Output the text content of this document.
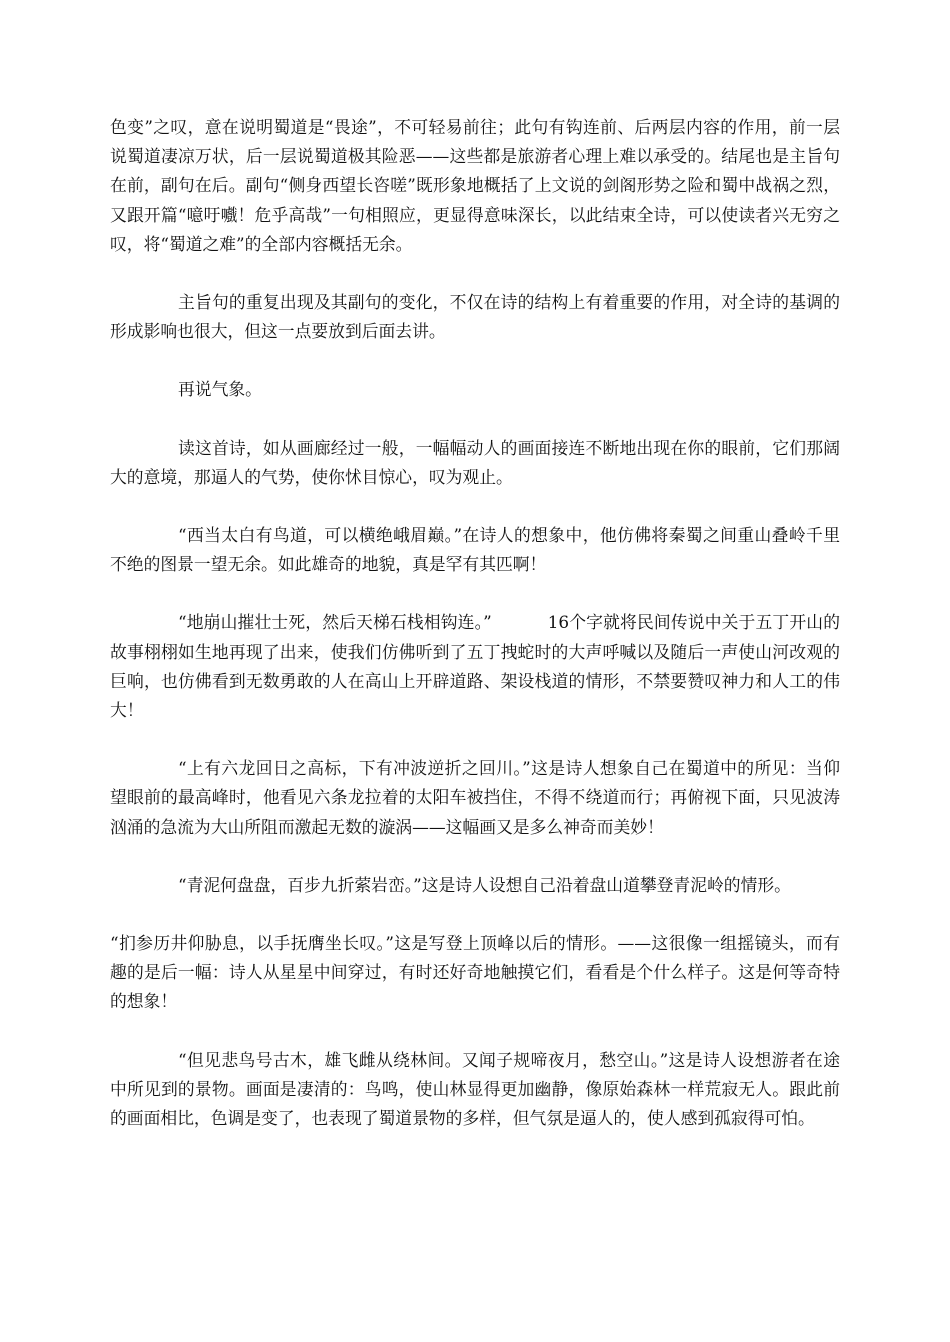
色变”之叹，意在说明蜀道是“畏途”，不可轻易前往；此句有钩连前、后两层内容的作用，前一层说蜀道凄凉万状，后一层说蜀道极其险恶——这些都是旅游者心理上难以承受的。结尾也是主旨句在前，副句在后。副句“侧身西望长咨嗟”既形象地概括了上文说的剑阁形势之险和蜀中战祸之烈，又跟开篇“噫吁嚱！危乎高哉”一句相照应，更显得意味深长，以此结束全诗，可以使读者兴无穷之叹，将“蜀道之难”的全部内容概括无余。

主旨句的重复出现及其副句的变化，不仅在诗的结构上有着重要的作用，对全诗的基调的形成影响也很大，但这一点要放到后面去讲。

再说气象。

读这首诗，如从画廊经过一般，一幅幅动人的画面接连不断地出现在你的眼前，它们那阔大的意境，那逼人的气势，使你怵目惊心，叹为观止。

“西当太白有鸟道，可以横绝峨眉巅。”在诗人的想象中，他仿佛将秦蜀之间重山叠岭千里不绝的图景一望无余。如此雄奇的地貌，真是罕有其匹啊！

“地崩山摧壮士死，然后天梯石栈相钩连。”	16个字就将民间传说中关于五丁开山的故事栩栩如生地再现了出来，使我们仿佛听到了五丁拽蛇时的大声呼喊以及随后一声使山河改观的巨响，也仿佛看到无数勇敢的人在高山上开辟道路、架设栈道的情形，不禁要赞叹神力和人工的伟大！

“上有六龙回日之高标，下有冲波逆折之回川。”这是诗人想象自己在蜀道中的所见：当仰望眼前的最高峰时，他看见六条龙拉着的太阳车被挡住，不得不绕道而行；再俯视下面，只见波涛汹涌的急流为大山所阻而激起无数的漩涡——这幅画又是多么神奇而美妙！

“青泥何盘盘，百步九折萦岩峦。”这是诗人设想自己沿着盘山道攀登青泥岭的情形。

“扪参历井仰胁息，以手抚膺坐长叹。”这是写登上顶峰以后的情形。——这很像一组摇镜头，而有趣的是后一幅：诗人从星星中间穿过，有时还好奇地触摸它们，看看是个什么样子。这是何等奇特的想象！

“但见悲鸟号古木，雄飞雌从绕林间。又闻子规啼夜月，愁空山。”这是诗人设想游者在途中所见到的景物。画面是凄清的：鸟鸣，使山林显得更加幽静，像原始森林一样荒寂无人。跟此前的画面相比，色调是变了，也表现了蜀道景物的多样，但气氛是逼人的，使人感到孤寂得可怕。
